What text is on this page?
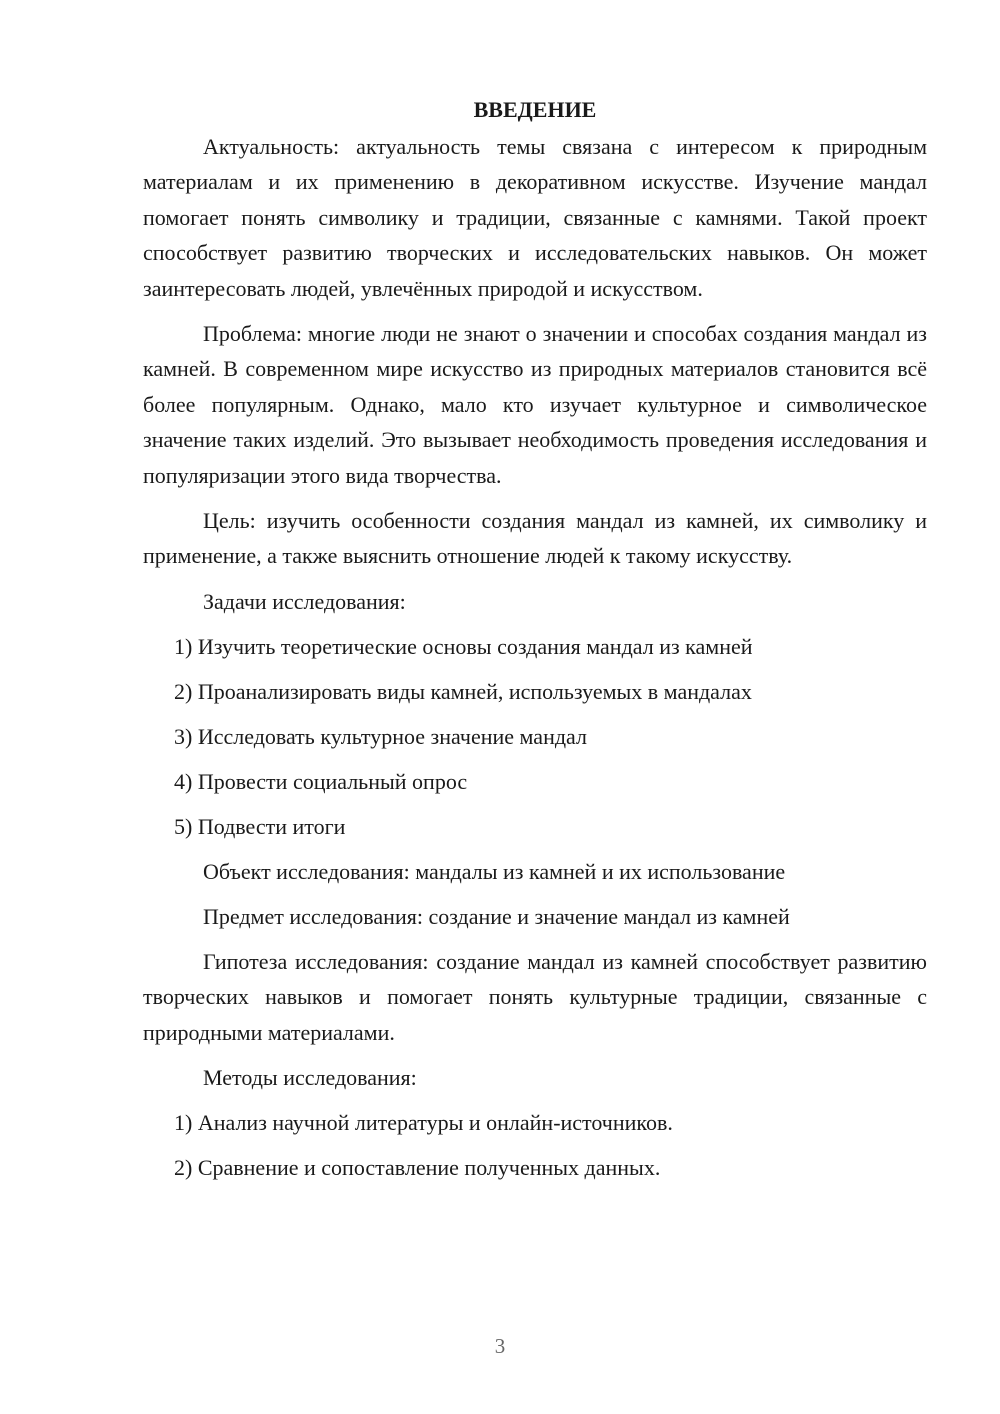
ВВЕДЕНИЕ

Актуальность: актуальность темы связана с интересом к природным материалам и их применению в декоративном искусстве. Изучение мандал помогает понять символику и традиции, связанные с камнями. Такой проект способствует развитию творческих и исследовательских навыков. Он может заинтересовать людей, увлечённых природой и искусством.

Проблема: многие люди не знают о значении и способах создания мандал из камней. В современном мире искусство из природных материалов становится всё более популярным. Однако, мало кто изучает культурное и символическое значение таких изделий. Это вызывает необходимость проведения исследования и популяризации этого вида творчества.

Цель: изучить особенности создания мандал из камней, их символику и применение, а также выяснить отношение людей к такому искусству.

Задачи исследования:

1) Изучить теоретические основы создания мандал из камней

2) Проанализировать виды камней, используемых в мандалах

3) Исследовать культурное значение мандал

4) Провести социальный опрос

5) Подвести итоги

Объект исследования: мандалы из камней и их использование

Предмет исследования: создание и значение мандал из камней

Гипотеза исследования: создание мандал из камней способствует развитию творческих навыков и помогает понять культурные традиции, связанные с природными материалами.

Методы исследования:

1) Анализ научной литературы и онлайн-источников.

2) Сравнение и сопоставление полученных данных.

3
